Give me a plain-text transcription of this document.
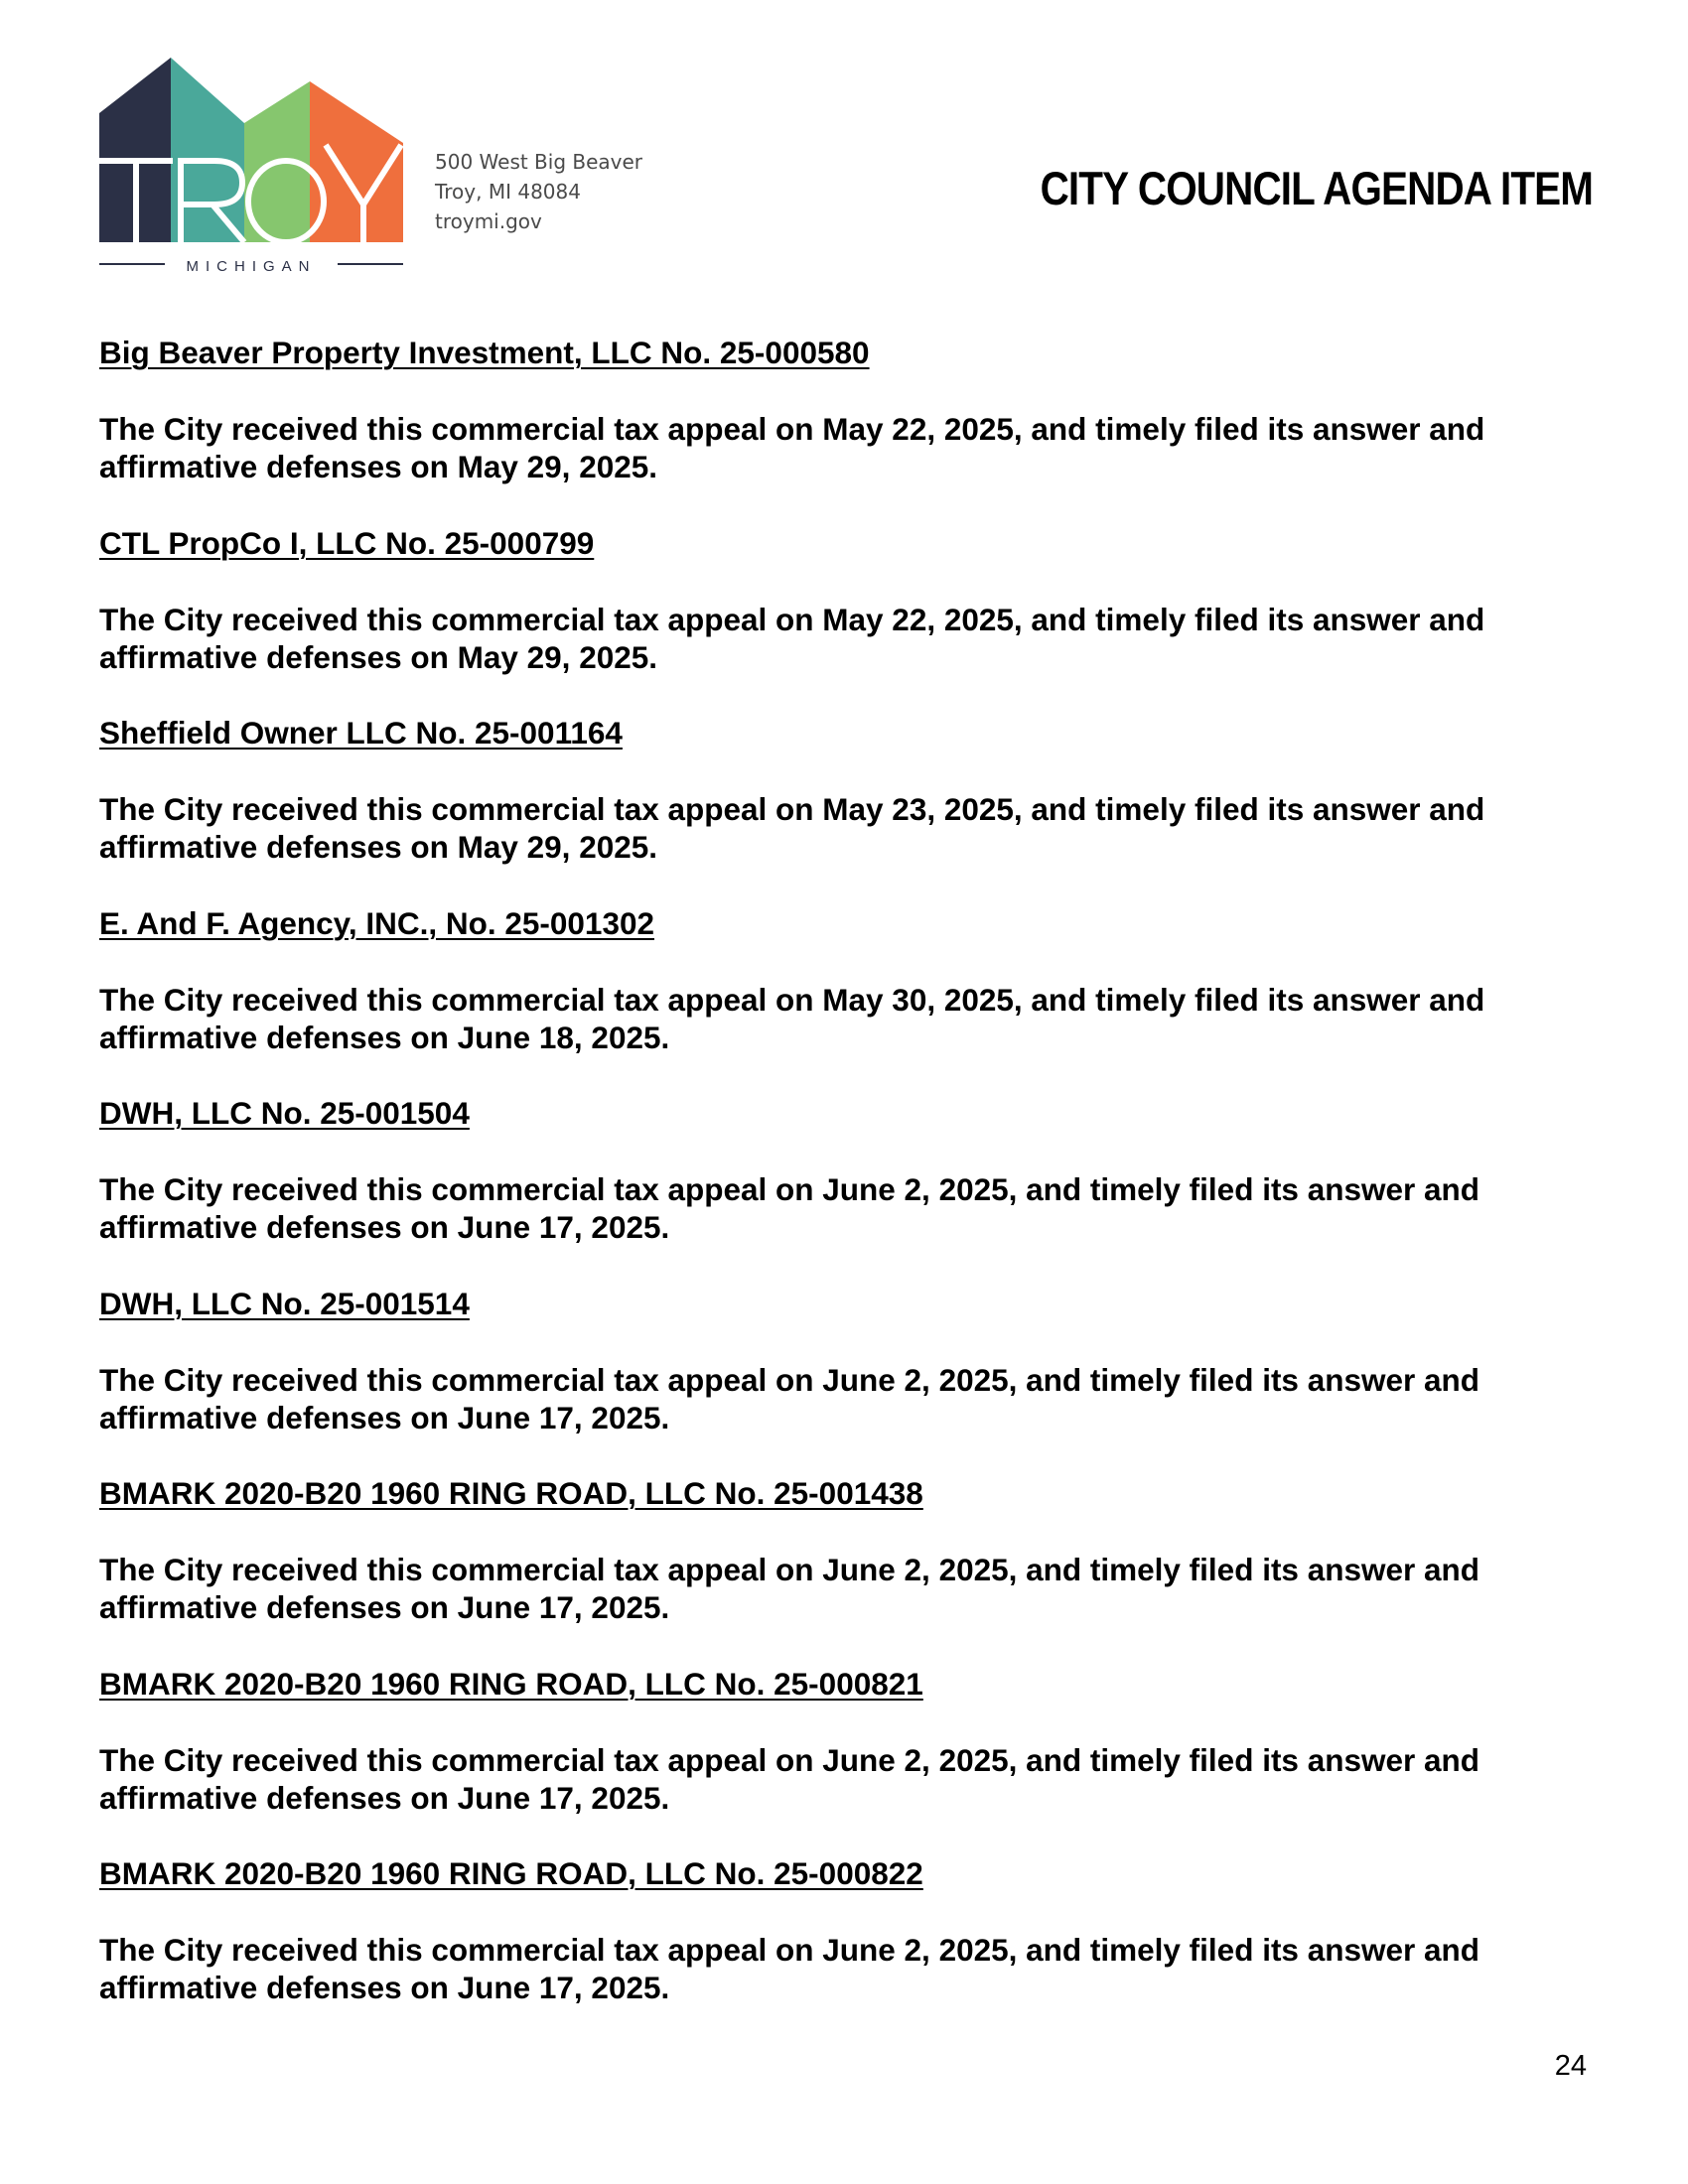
MICHIGAN
500 West Big Beaver
Troy, MI 48084
troymi.gov
CITY COUNCIL AGENDA ITEM
Big Beaver Property Investment, LLC No. 25-000580
The City received this commercial tax appeal on May 22, 2025, and timely filed its answer and affirmative defenses on May 29, 2025.
CTL PropCo I, LLC No. 25-000799
The City received this commercial tax appeal on May 22, 2025, and timely filed its answer and affirmative defenses on May 29, 2025.
Sheffield Owner LLC No. 25-001164
The City received this commercial tax appeal on May 23, 2025, and timely filed its answer and affirmative defenses on May 29, 2025.
E. And F. Agency, INC., No. 25-001302
The City received this commercial tax appeal on May 30, 2025, and timely filed its answer and affirmative defenses on June 18, 2025.
DWH, LLC No. 25-001504
The City received this commercial tax appeal on June 2, 2025, and timely filed its answer and affirmative defenses on June 17, 2025.
DWH, LLC No. 25-001514
The City received this commercial tax appeal on June 2, 2025, and timely filed its answer and affirmative defenses on June 17, 2025.
BMARK 2020-B20 1960 RING ROAD, LLC No. 25-001438
The City received this commercial tax appeal on June 2, 2025, and timely filed its answer and affirmative defenses on June 17, 2025.
BMARK 2020-B20 1960 RING ROAD, LLC No. 25-000821
The City received this commercial tax appeal on June 2, 2025, and timely filed its answer and affirmative defenses on June 17, 2025.
BMARK 2020-B20 1960 RING ROAD, LLC No. 25-000822
The City received this commercial tax appeal on June 2, 2025, and timely filed its answer and affirmative defenses on June 17, 2025.
24
